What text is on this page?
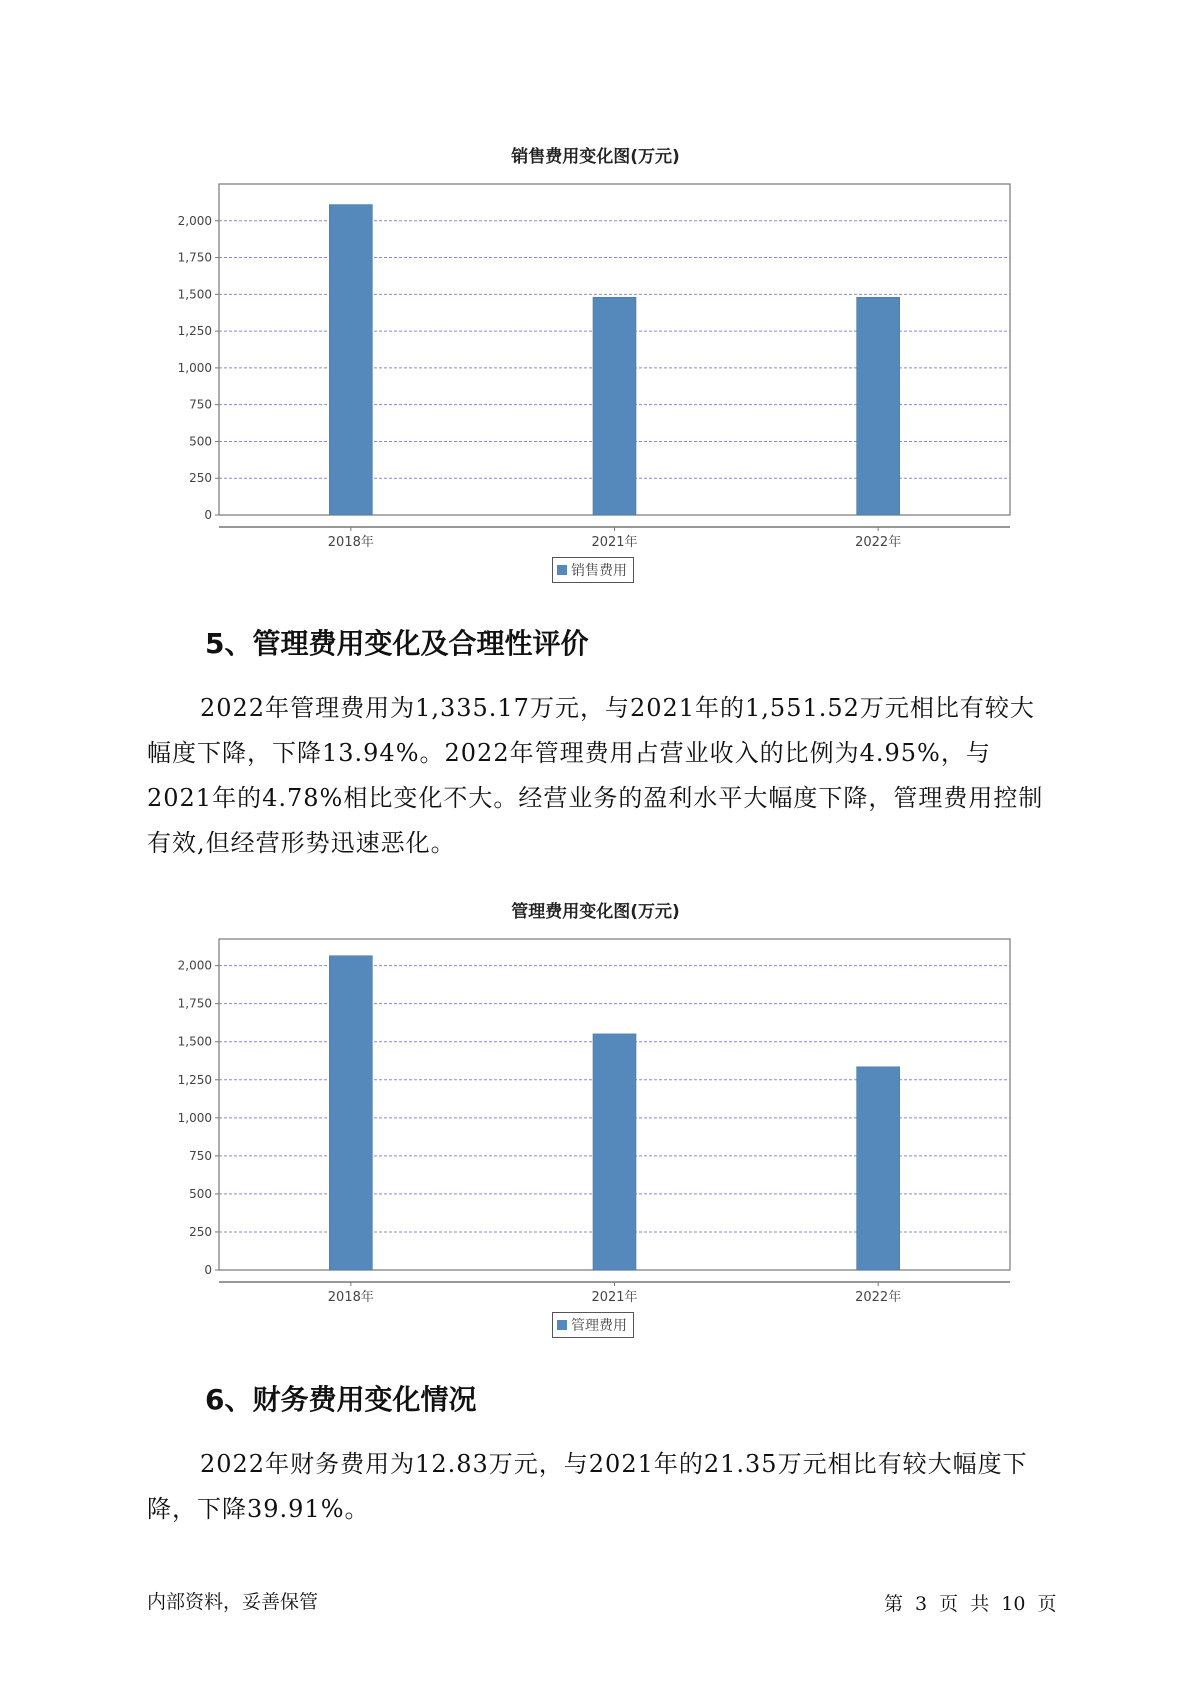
销售费用变化图(万元)
0
250
500
750
1,000
1,250
1,500
1,750
2,000
2018年	2021年	2022年
销售费用
5、管理费用变化及合理性评价
2022年管理费用为1,335.17万元，与2021年的1,551.52万元相比有较大幅度下降，下降13.94%。2022年管理费用占营业收入的比例为4.95%，与2021年的4.78%相比变化不大。经营业务的盈利水平大幅度下降，管理费用控制有效,但经营形势迅速恶化。
管理费用变化图(万元)
0
250
500
750
1,000
1,250
1,500
1,750
2,000
2018年	2021年	2022年
管理费用
6、财务费用变化情况
2022年财务费用为12.83万元，与2021年的21.35万元相比有较大幅度下降，下降39.91%。
内部资料，妥善保管	第 3 页 共 10 页
